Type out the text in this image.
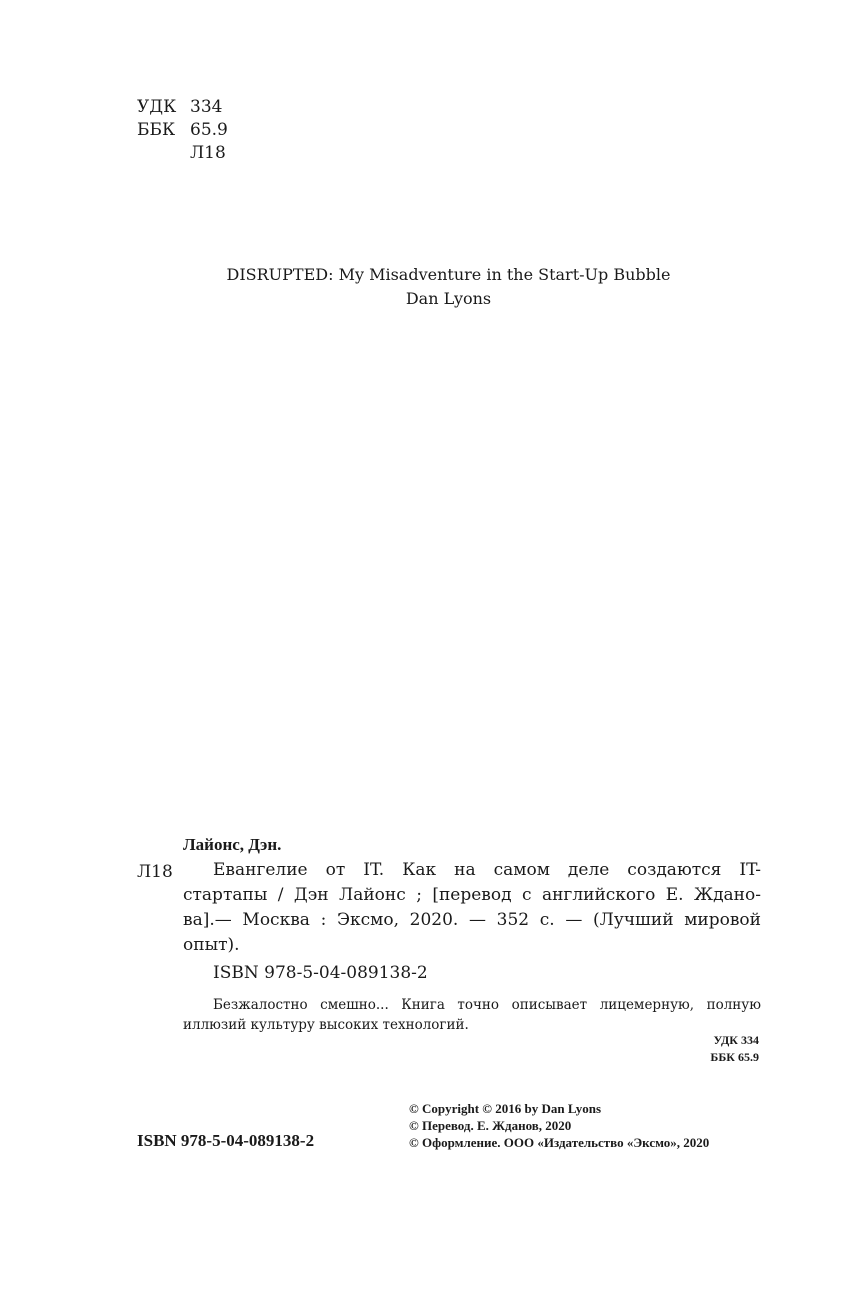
УДК 334
ББК 65.9
Л18
DISRUPTED: My Misadventure in the Start-Up Bubble
Dan Lyons
Лайонс, Дэн.
Л18	Евангелие от IT. Как на самом деле создаются IT-
стартапы / Дэн Лайонс ; [перевод с английского Е. Ждано-
ва].— Москва : Эксмо, 2020. — 352 с. — (Лучший мировой
опыт).
ISBN 978-5-04-089138-2
Безжалостно смешно... Книга точно описывает лицемерную, полную
иллюзий культуру высоких технологий.
УДК 334
ББК 65.9
ISBN 978-5-04-089138-2
© Copyright © 2016 by Dan Lyons
© Перевод. Е. Жданов, 2020
© Оформление. ООО «Издательство «Эксмо», 2020
